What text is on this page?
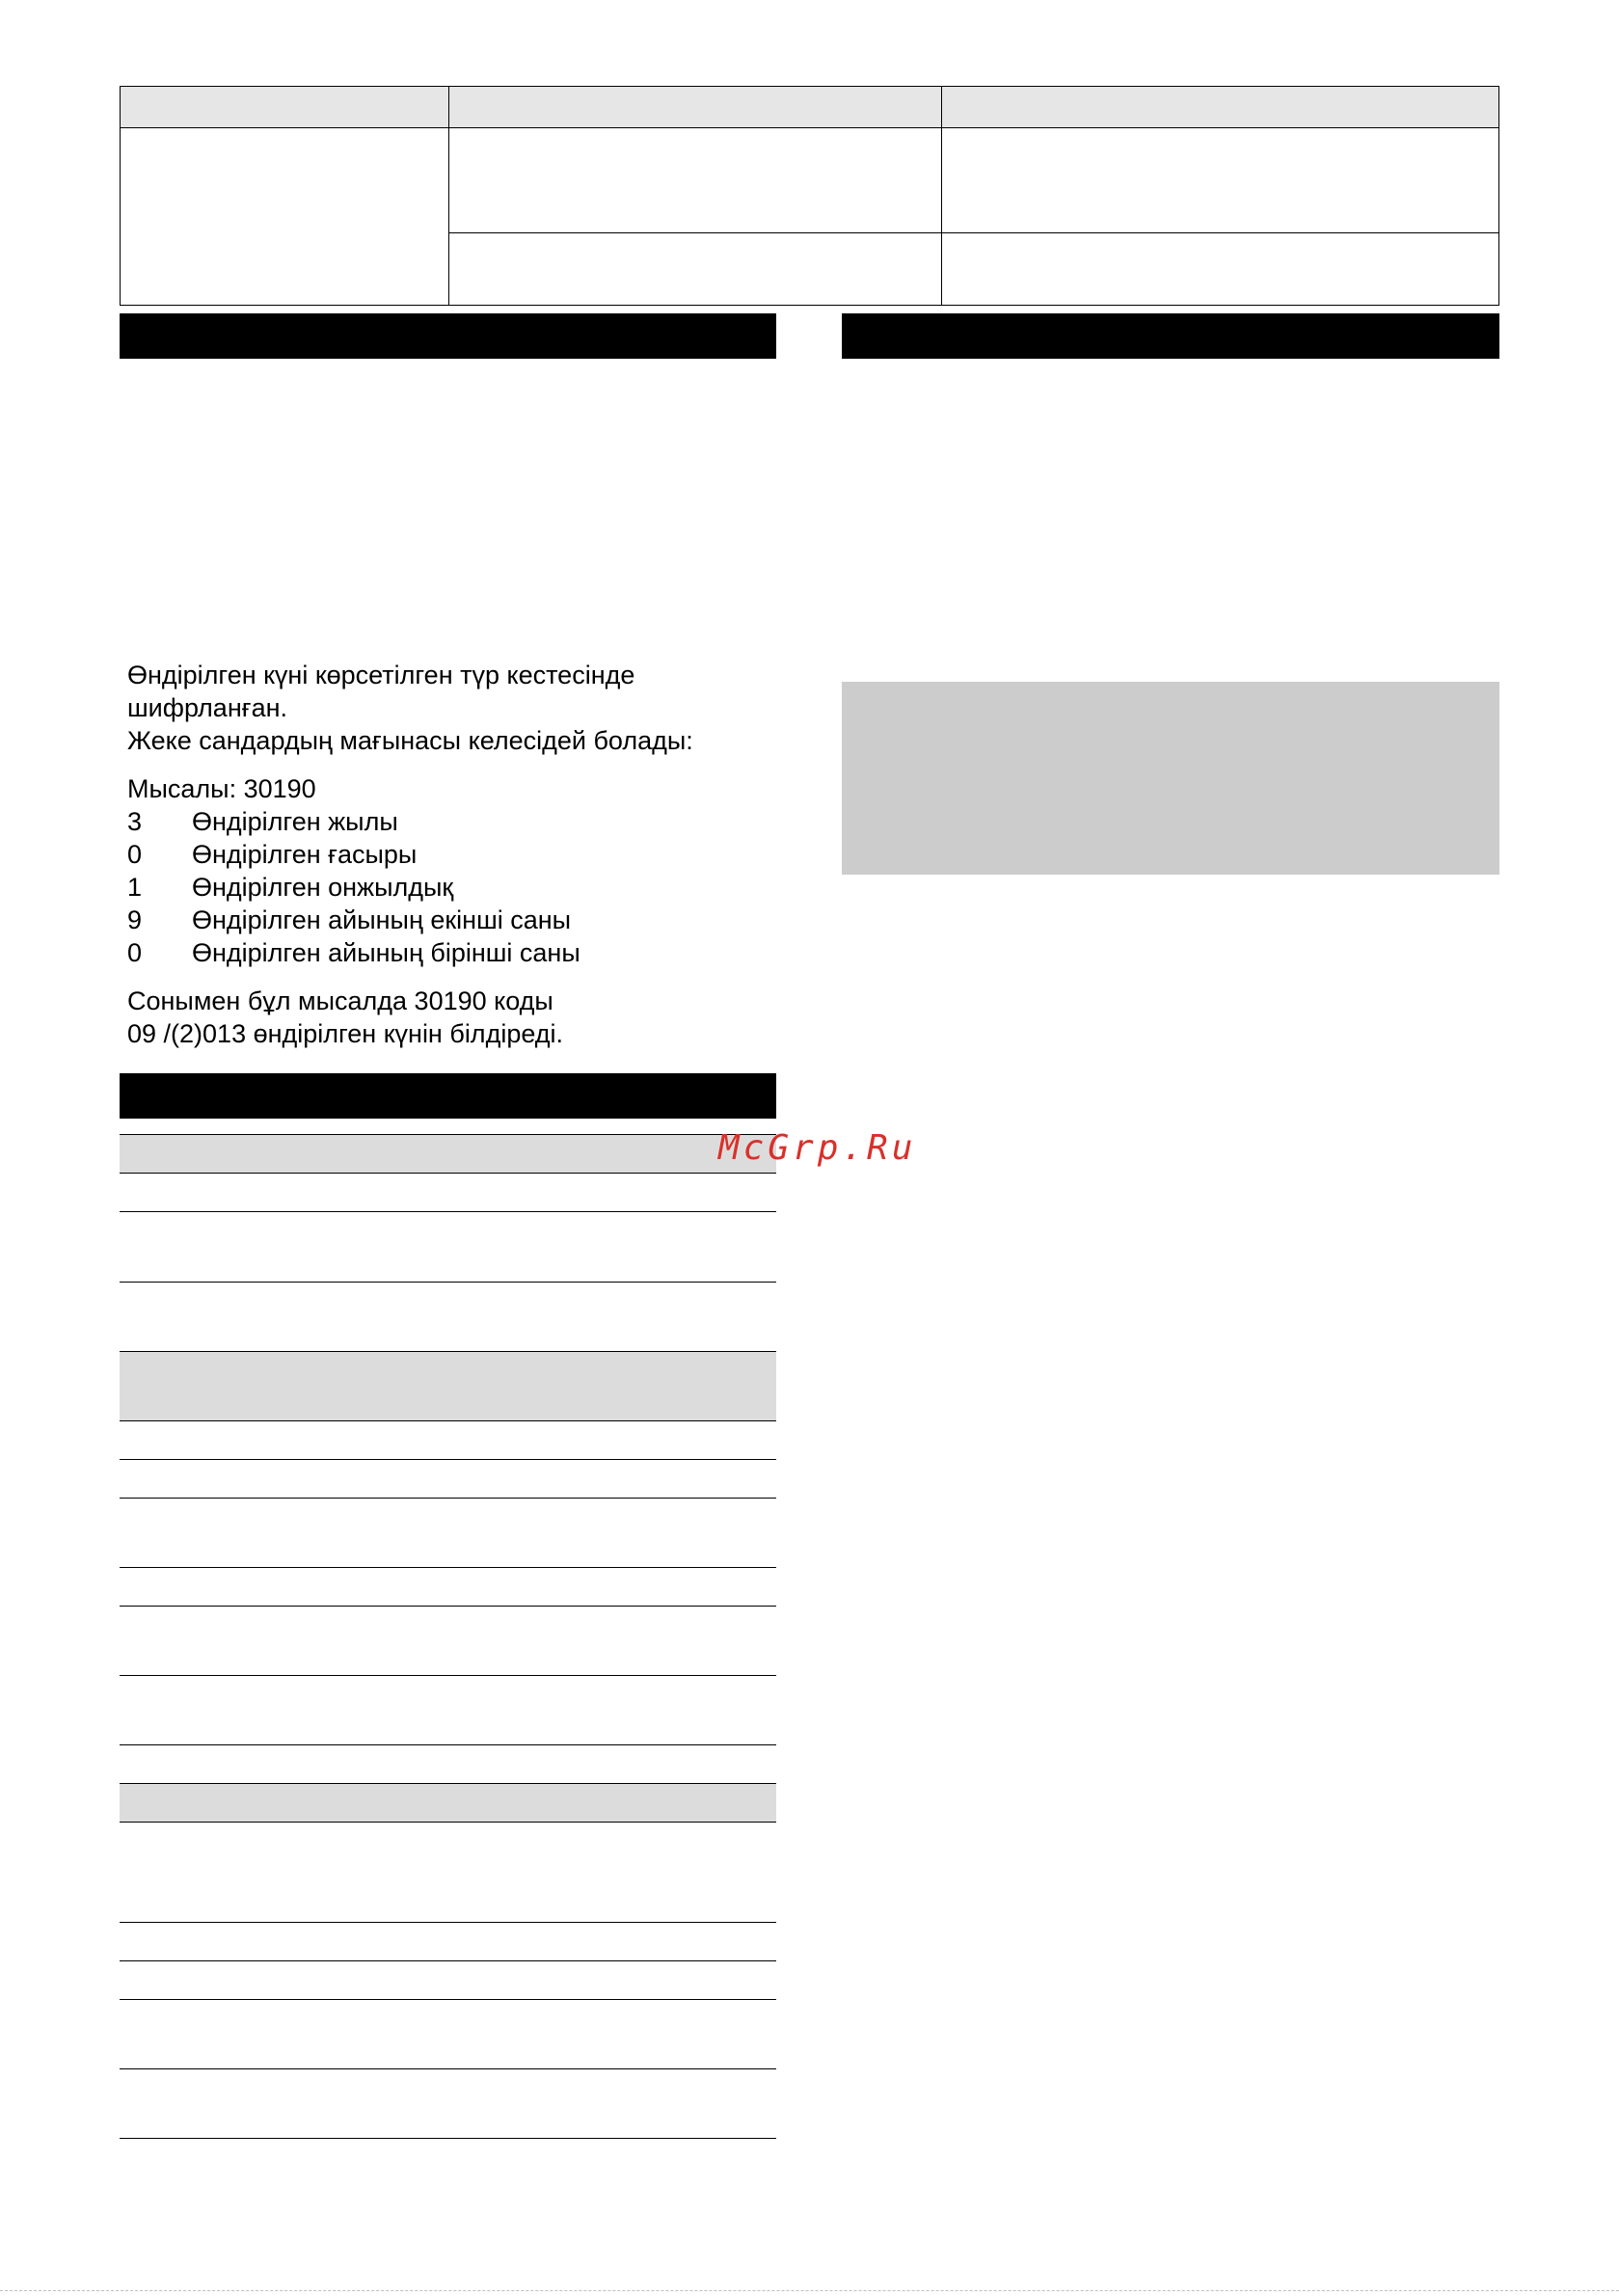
Өндірілген күні көрсетілген түр кестесінде
шифрланған.
Жеке сандардың мағынасы келесідей болады:
Мысалы: 30190
3 Өндірілген жылы
0 Өндірілген ғасыры
1 Өндірілген онжылдық
9 Өндірілген айының екінші саны
0 Өндірілген айының бірінші саны
Сонымен бұл мысалда 30190 коды
09 /(2)013 өндірілген күнін білдіреді.
McGrp.Ru
